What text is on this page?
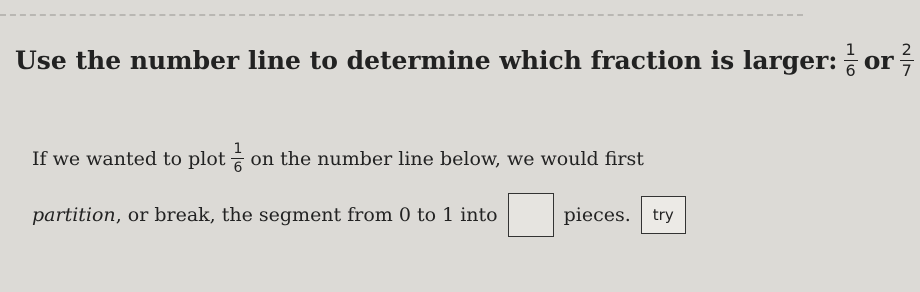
Use the number line to determine which fraction is larger: $\frac{1}{6}$ or $\frac{2}{7}$
If we wanted to plot $\frac{1}{6}$ on the number line below, we would first
partition , or break, the segment from 0 to 1 into	pieces.	try
